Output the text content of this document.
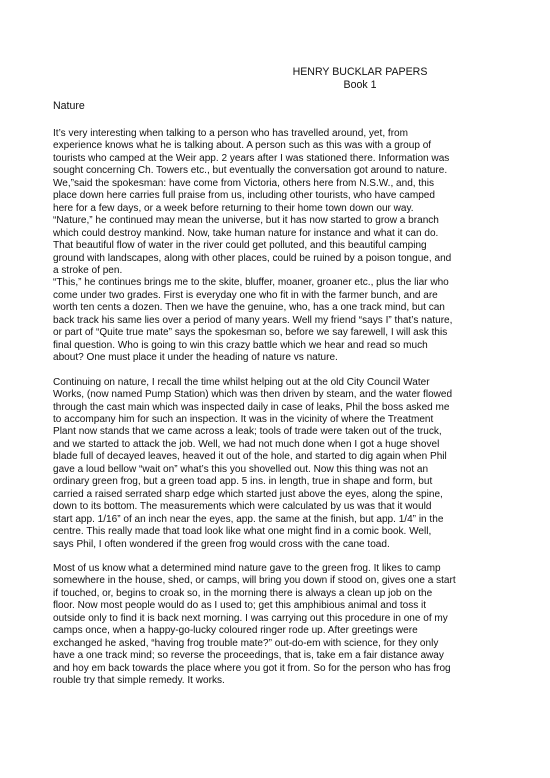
HENRY BUCKLAR PAPERS
Book 1
Nature
It’s very interesting when talking to a person who has travelled around, yet, from
experience knows what he is talking about. A person such as this was with a group of
tourists who camped at the Weir app. 2 years after I was stationed there. Information was
sought concerning Ch. Towers etc., but eventually the conversation got around to nature.
We,”said the spokesman: have come from Victoria, others here from N.S.W., and, this
place down here carries full praise from us, including other tourists, who have camped
here for a few days, or a week before returning to their home town down our way.
“Nature,” he continued may mean the universe, but it has now started to grow a branch
which could destroy mankind. Now, take human nature for instance and what it can do.
That beautiful flow of water in the river could get polluted, and this beautiful camping
ground with landscapes, along with other places, could be ruined by a poison tongue, and
a stroke of pen.
“This,” he continues brings me to the skite, bluffer, moaner, groaner etc., plus the liar who
come under two grades. First is everyday one who fit in with the farmer bunch, and are
worth ten cents a dozen. Then we have the genuine, who, has a one track mind, but can
back track his same lies over a period of many years. Well my friend “says I” that’s nature,
or part of “Quite true mate” says the spokesman so, before we say farewell, I will ask this
final question. Who is going to win this crazy battle which we hear and read so much
about? One must place it under the heading of nature vs nature.
Continuing on nature, I recall the time whilst helping out at the old City Council Water
Works, (now named Pump Station) which was then driven by steam, and the water flowed
through the cast main which was inspected daily in case of leaks, Phil the boss asked me
to accompany him for such an inspection. It was in the vicinity of where the Treatment
Plant now stands that we came across a leak; tools of trade were taken out of the truck,
and we started to attack the job. Well, we had not much done when I got a huge shovel
blade full of decayed leaves, heaved it out of the hole, and started to dig again when Phil
gave a loud bellow “wait on” what’s this you shovelled out. Now this thing was not an
ordinary green frog, but a green toad app. 5 ins. in length, true in shape and form, but
carried a raised serrated sharp edge which started just above the eyes, along the spine,
down to its bottom. The measurements which were calculated by us was that it would
start app. 1/16” of an inch near the eyes, app. the same at the finish, but app. 1/4” in the
centre. This really made that toad look like what one might find in a comic book. Well,
says Phil, I often wondered if the green frog would cross with the cane toad.
Most of us know what a determined mind nature gave to the green frog. It likes to camp
somewhere in the house, shed, or camps, will bring you down if stood on, gives one a start
if touched, or, begins to croak so, in the morning there is always a clean up job on the
floor. Now most people would do as I used to; get this amphibious animal and toss it
outside only to find it is back next morning. I was carrying out this procedure in one of my
camps once, when a happy-go-lucky coloured ringer rode up. After greetings were
exchanged he asked, “having frog trouble mate?” out-do-em with science, for they only
have a one track mind; so reverse the proceedings, that is, take em a fair distance away
and hoy em back towards the place where you got it from. So for the person who has frog
rouble try that simple remedy. It works.
